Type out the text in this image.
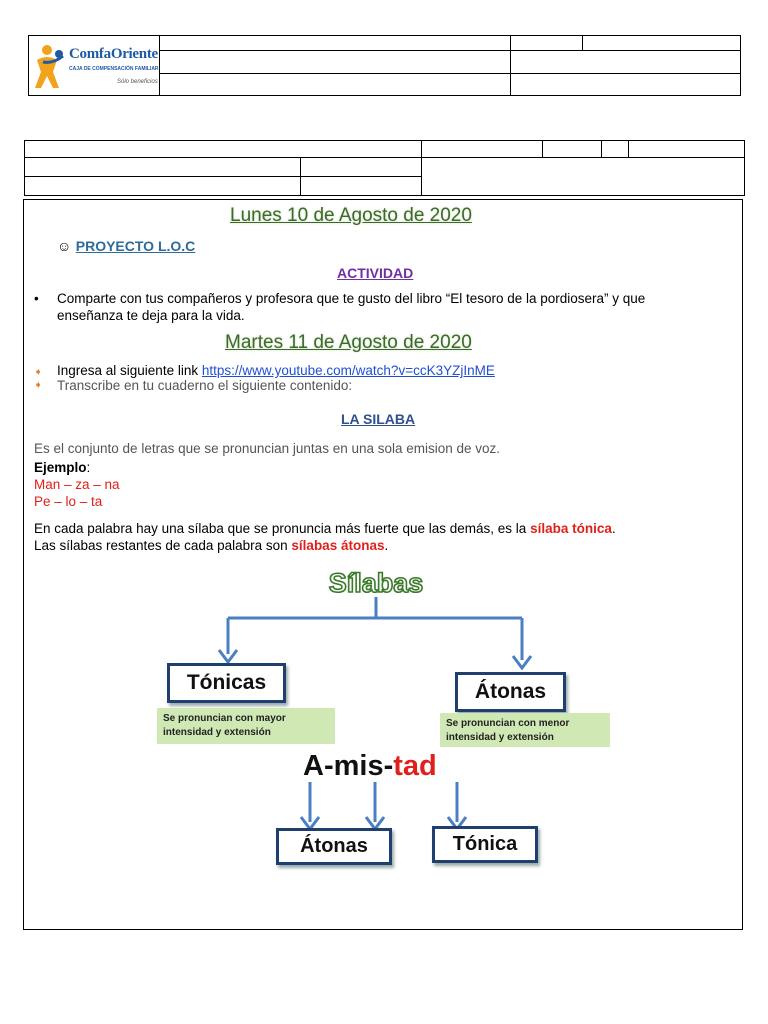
ComfaOriente
CAJA DE COMPENSACIÓN FAMILIAR
Sólo beneficios
Lunes 10 de Agosto de 2020
☺ PROYECTO L.O.C
ACTIVIDAD
• Comparte con tus compañeros y profesora que te gusto del libro “El tesoro de la pordiosera” y que enseñanza te deja para la vida.
Martes 11 de Agosto de 2020
➧ Ingresa al siguiente link https://www.youtube.com/watch?v=ccK3YZjInME
➧ Transcribe en tu cuaderno el siguiente contenido:
LA SILABA
Es el conjunto de letras que se pronuncian juntas en una sola emision de voz.
Ejemplo:
Man – za – na
Pe – lo – ta
En cada palabra hay una sílaba que se pronuncia más fuerte que las demás, es la sílaba tónica.
Las sílabas restantes de cada palabra son sílabas átonas.
Sílabas
Tónicas
Se pronuncian con mayor intensidad y extensión
Átonas
Se pronuncian con menor intensidad y extensión
A-mis-tad
Átonas	Tónica
